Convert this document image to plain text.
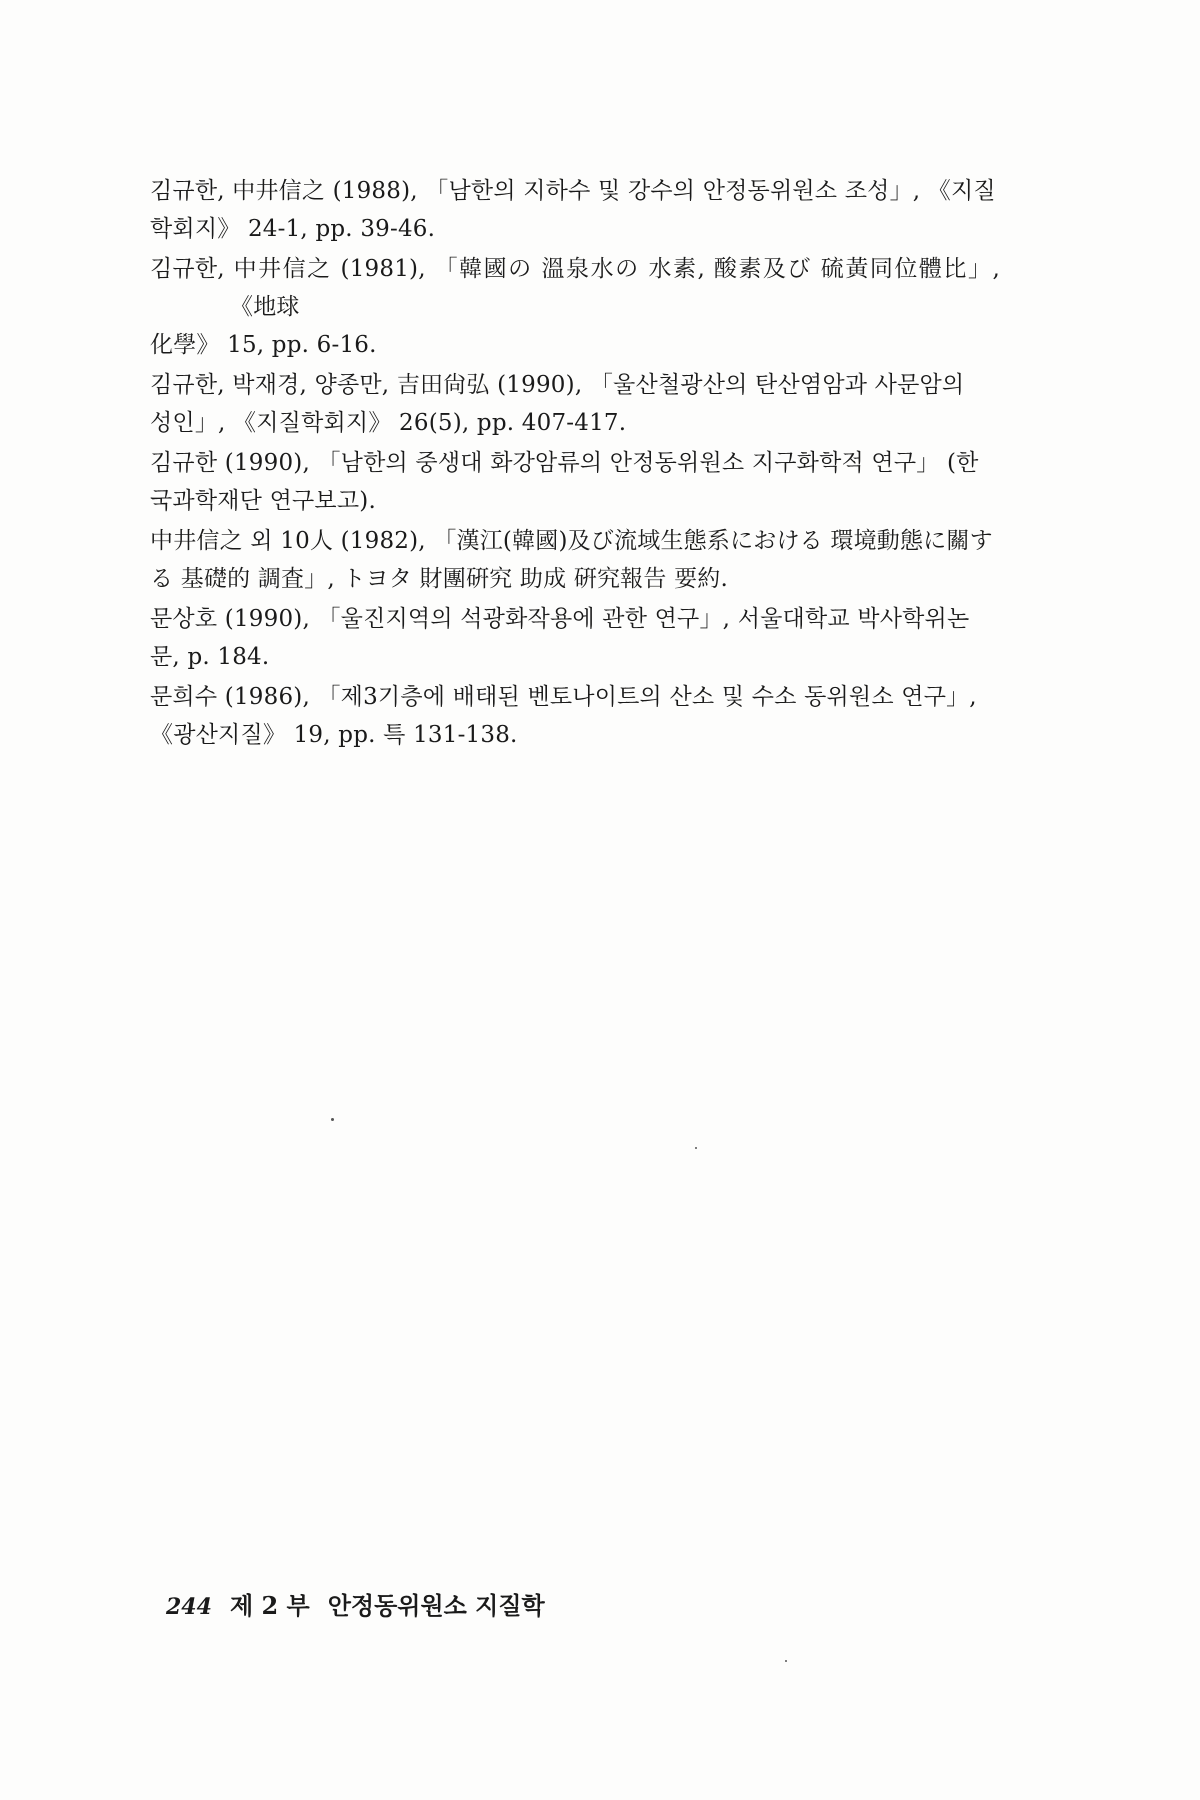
김규한, 中井信之 (1988), 「남한의 지하수 및 강수의 안정동위원소 조성」, 《지질
학회지》 24-1, pp. 39-46.
김규한, 中井信之 (1981), 「韓國の 溫泉水の 水素, 酸素及び 硫黃同位體比」, 《地球
化學》 15, pp. 6-16.
김규한, 박재경, 양종만, 吉田尙弘 (1990), 「울산철광산의 탄산염암과 사문암의
성인」, 《지질학회지》 26(5), pp. 407-417.
김규한 (1990), 「남한의 중생대 화강암류의 안정동위원소 지구화학적 연구」 (한
국과학재단 연구보고).
中井信之 외 10人 (1982), 「漢江(韓國)及び流域生態系における 環境動態に關す
る 基礎的 調査」, トヨタ 財團硏究 助成 硏究報告 要約.
문상호 (1990), 「울진지역의 석광화작용에 관한 연구」, 서울대학교 박사학위논
문, p. 184.
문희수 (1986), 「제3기층에 배태된 벤토나이트의 산소 및 수소 동위원소 연구」,
《광산지질》 19, pp. 특 131-138.
244 제 2 부 안정동위원소 지질학
